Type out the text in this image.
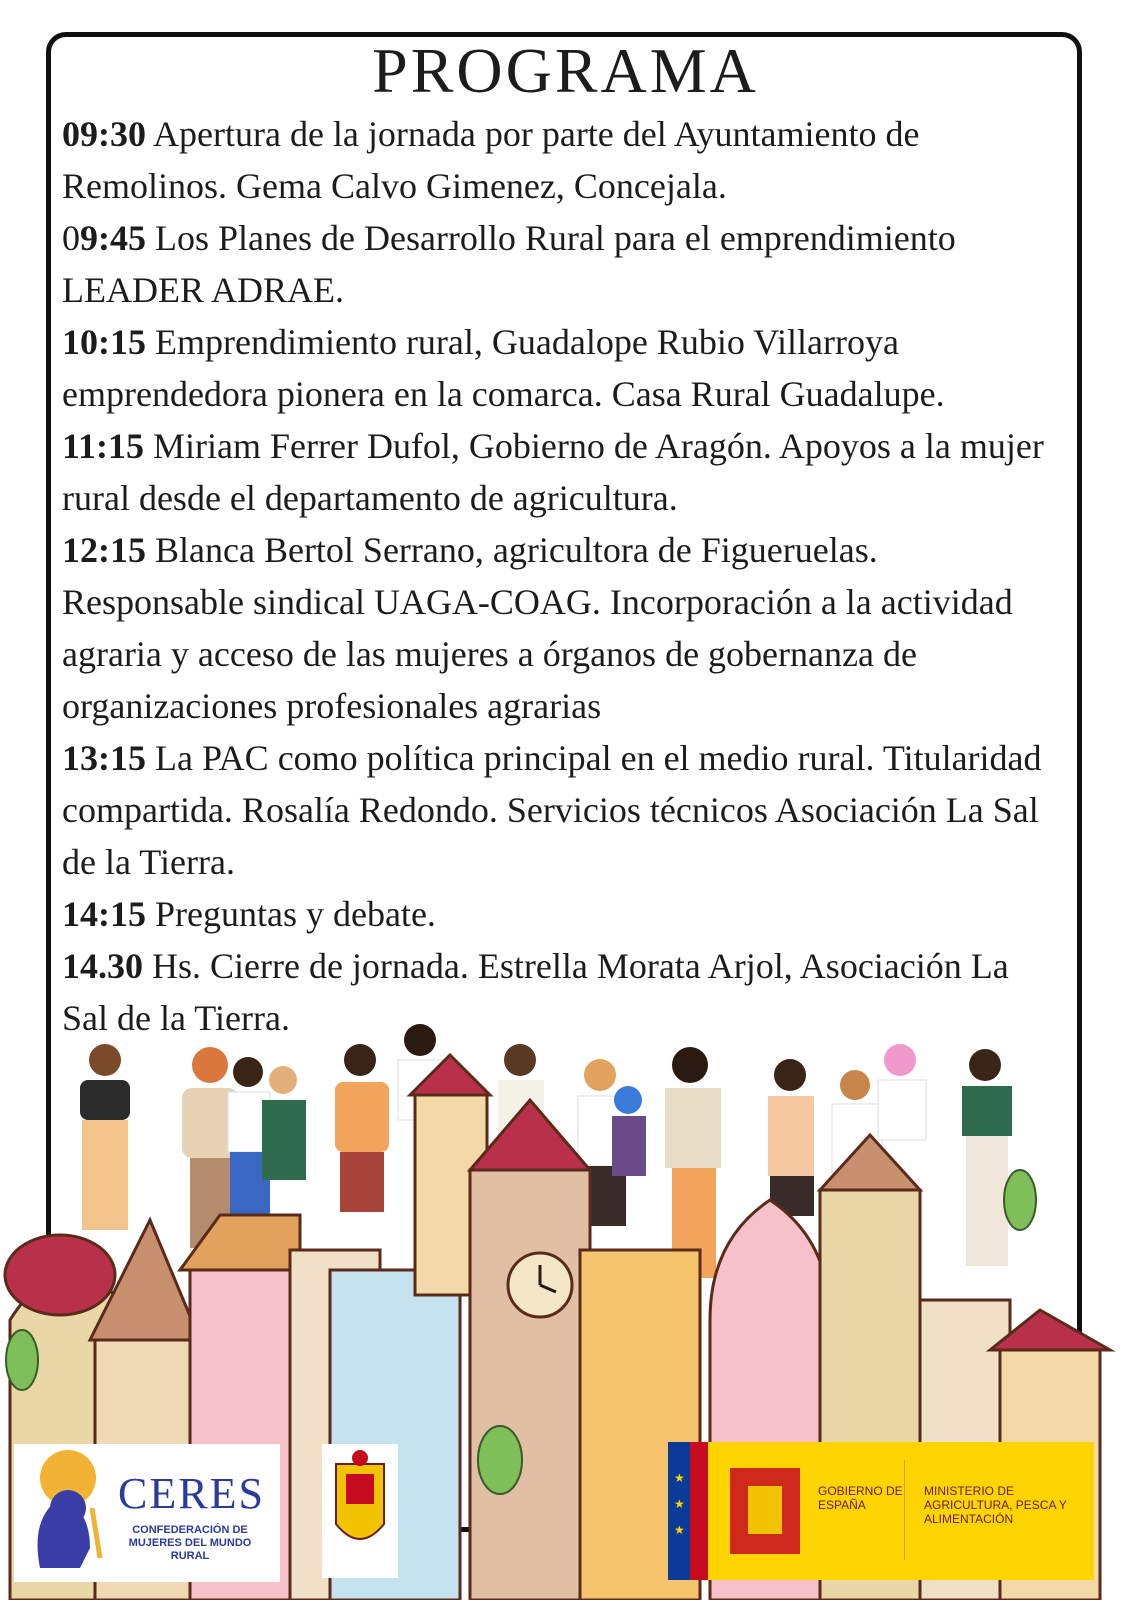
PROGRAMA

09:30 Apertura de la jornada por parte del Ayuntamiento de Remolinos. Gema Calvo Gimenez, Concejala.

09:45 Los Planes de Desarrollo Rural para el emprendimiento LEADER ADRAE.

10:15 Emprendimiento rural, Guadalope Rubio Villarroya emprendedora pionera en la comarca. Casa Rural Guadalupe.

11:15 Miriam Ferrer Dufol, Gobierno de Aragón. Apoyos a la mujer rural desde el departamento de agricultura.

12:15 Blanca Bertol Serrano, agricultora de Figueruelas. Responsable sindical UAGA-COAG. Incorporación a la actividad agraria y acceso de las mujeres a órganos de gobernanza de organizaciones profesionales agrarias

13:15 La PAC como política principal en el medio rural. Titularidad compartida. Rosalía Redondo. Servicios técnicos Asociación La Sal de la Tierra.

14:15 Preguntas y debate.

14.30 Hs. Cierre de jornada. Estrella Morata Arjol, Asociación La Sal de la Tierra.

CERES
CONFEDERACIÓN DE MUJERES DEL MUNDO RURAL
★
★
★
GOBIERNO DE ESPAÑA
MINISTERIO DE AGRICULTURA, PESCA Y ALIMENTACIÓN
